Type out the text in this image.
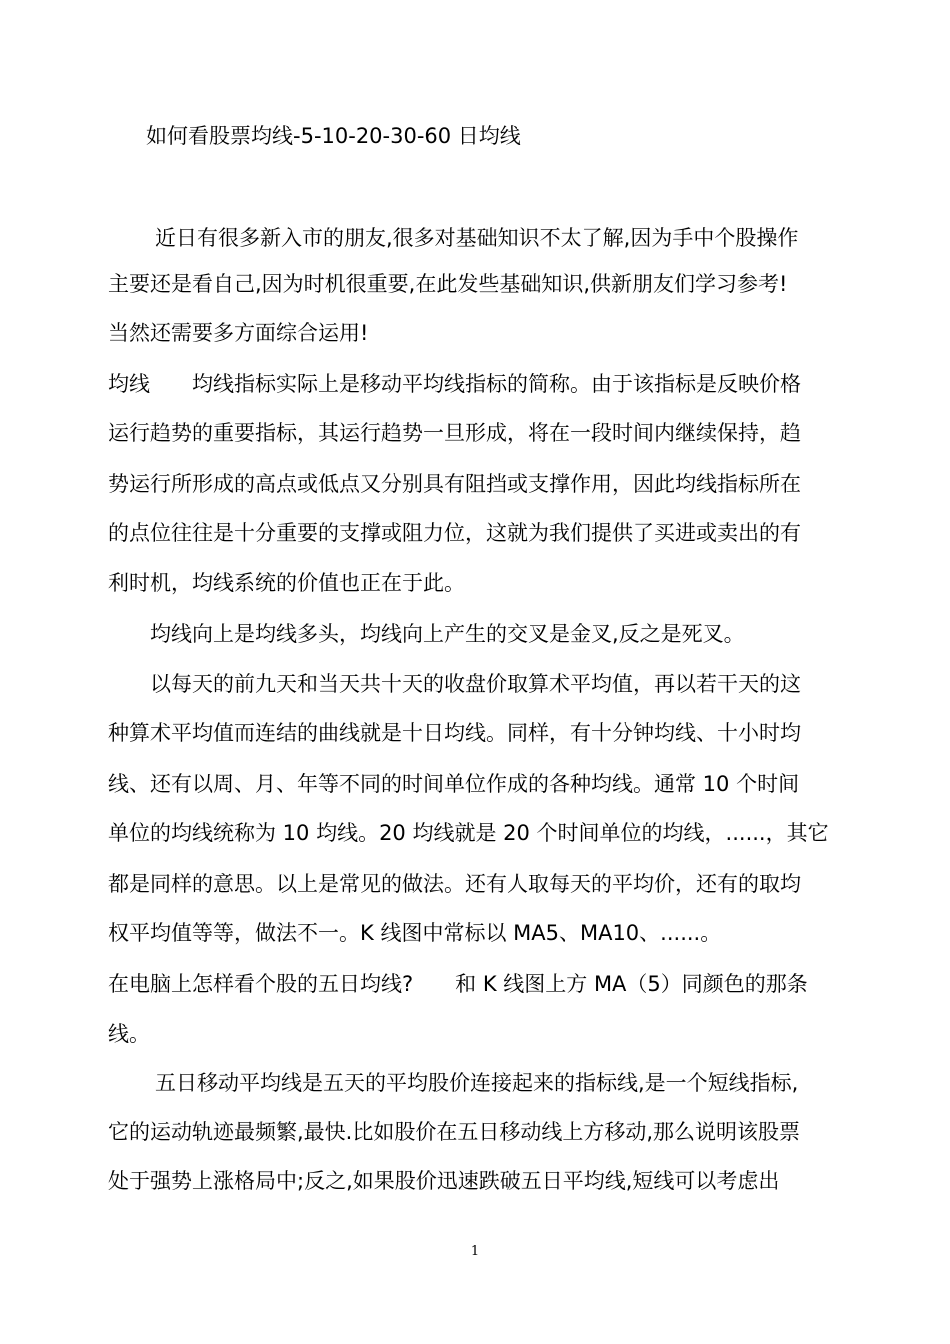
如何看股票均线-5-10-20-30-60 日均线

近日有很多新入市的朋友,很多对基础知识不太了解,因为手中个股操作

主要还是看自己,因为时机很重要,在此发些基础知识,供新朋友们学习参考!

当然还需要多方面综合运用!

均线　　均线指标实际上是移动平均线指标的简称。由于该指标是反映价格

运行趋势的重要指标，其运行趋势一旦形成，将在一段时间内继续保持，趋

势运行所形成的高点或低点又分别具有阻挡或支撑作用，因此均线指标所在

的点位往往是十分重要的支撑或阻力位，这就为我们提供了买进或卖出的有

利时机，均线系统的价值也正在于此。

均线向上是均线多头，均线向上产生的交叉是金叉,反之是死叉。

以每天的前九天和当天共十天的收盘价取算术平均值，再以若干天的这

种算术平均值而连结的曲线就是十日均线。同样，有十分钟均线、十小时均

线、还有以周、月、年等不同的时间单位作成的各种均线。通常 10 个时间

单位的均线统称为 10 均线。20 均线就是 20 个时间单位的均线，......，其它

都是同样的意思。以上是常见的做法。还有人取每天的平均价，还有的取均

权平均值等等，做法不一。K 线图中常标以 MA5、MA10、......。

在电脑上怎样看个股的五日均线?　　和 K 线图上方 MA（5）同颜色的那条

线。

五日移动平均线是五天的平均股价连接起来的指标线,是一个短线指标,

它的运动轨迹最频繁,最快.比如股价在五日移动线上方移动,那么说明该股票

处于强势上涨格局中;反之,如果股价迅速跌破五日平均线,短线可以考虑出

1
